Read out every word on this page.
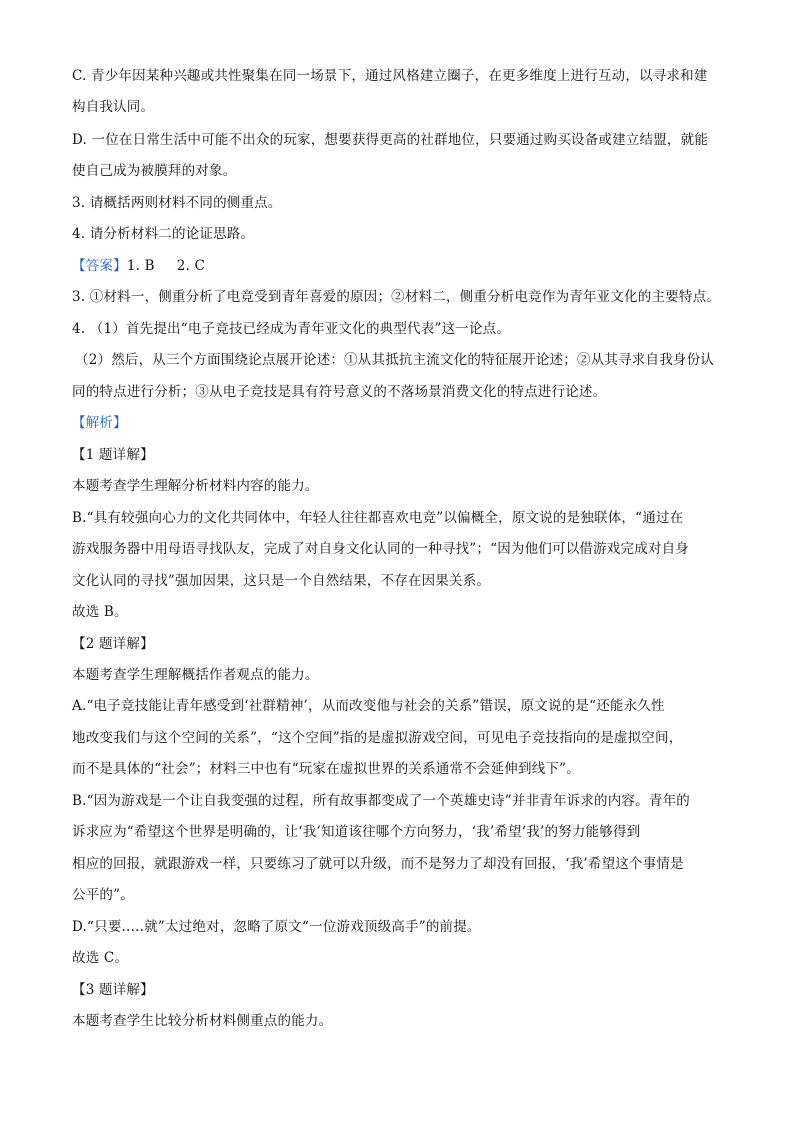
C. 青少年因某种兴趣或共性聚集在同一场景下，通过风格建立圈子，在更多维度上进行互动，以寻求和建
构自我认同。
D. 一位在日常生活中可能不出众的玩家，想要获得更高的社群地位，只要通过购买设备或建立结盟，就能
使自己成为被膜拜的对象。
3. 请概括两则材料不同的侧重点。
4. 请分析材料二的论证思路。
【答案】1. B 2. C
3. ①材料一，侧重分析了电竞受到青年喜爱的原因；②材料二，侧重分析电竞作为青年亚文化的主要特点。
4. （1）首先提出“电子竞技已经成为青年亚文化的典型代表”这一论点。
（2）然后，从三个方面围绕论点展开论述：①从其抵抗主流文化的特征展开论述；②从其寻求自我身份认
同的特点进行分析；③从电子竞技是具有符号意义的不落场景消费文化的特点进行论述。
【解析】
【1 题详解】
本题考查学生理解分析材料内容的能力。
B.“具有较强向心力的文化共同体中，年轻人往往都喜欢电竞”以偏概全，原文说的是独联体，“通过在
游戏服务器中用母语寻找队友，完成了对自身文化认同的一种寻找”；“因为他们可以借游戏完成对自身
文化认同的寻找”强加因果，这只是一个自然结果，不存在因果关系。
故选 B。
【2 题详解】
本题考查学生理解概括作者观点的能力。
A.“电子竞技能让青年感受到‘社群精神’，从而改变他与社会的关系”错误，原文说的是“还能永久性
地改变我们与这个空间的关系”，“这个空间”指的是虚拟游戏空间，可见电子竞技指向的是虚拟空间，
而不是具体的“社会”；材料三中也有“玩家在虚拟世界的关系通常不会延伸到线下”。
B.“因为游戏是一个让自我变强的过程，所有故事都变成了一个英雄史诗”并非青年诉求的内容。青年的
诉求应为“希望这个世界是明确的，让‘我’知道该往哪个方向努力，‘我’希望‘我’的努力能够得到
相应的回报，就跟游戏一样，只要练习了就可以升级，而不是努力了却没有回报，‘我’希望这个事情是
公平的”。
D.“只要..…就”太过绝对，忽略了原文“一位游戏顶级高手”的前提。
故选 C。
【3 题详解】
本题考查学生比较分析材料侧重点的能力。
